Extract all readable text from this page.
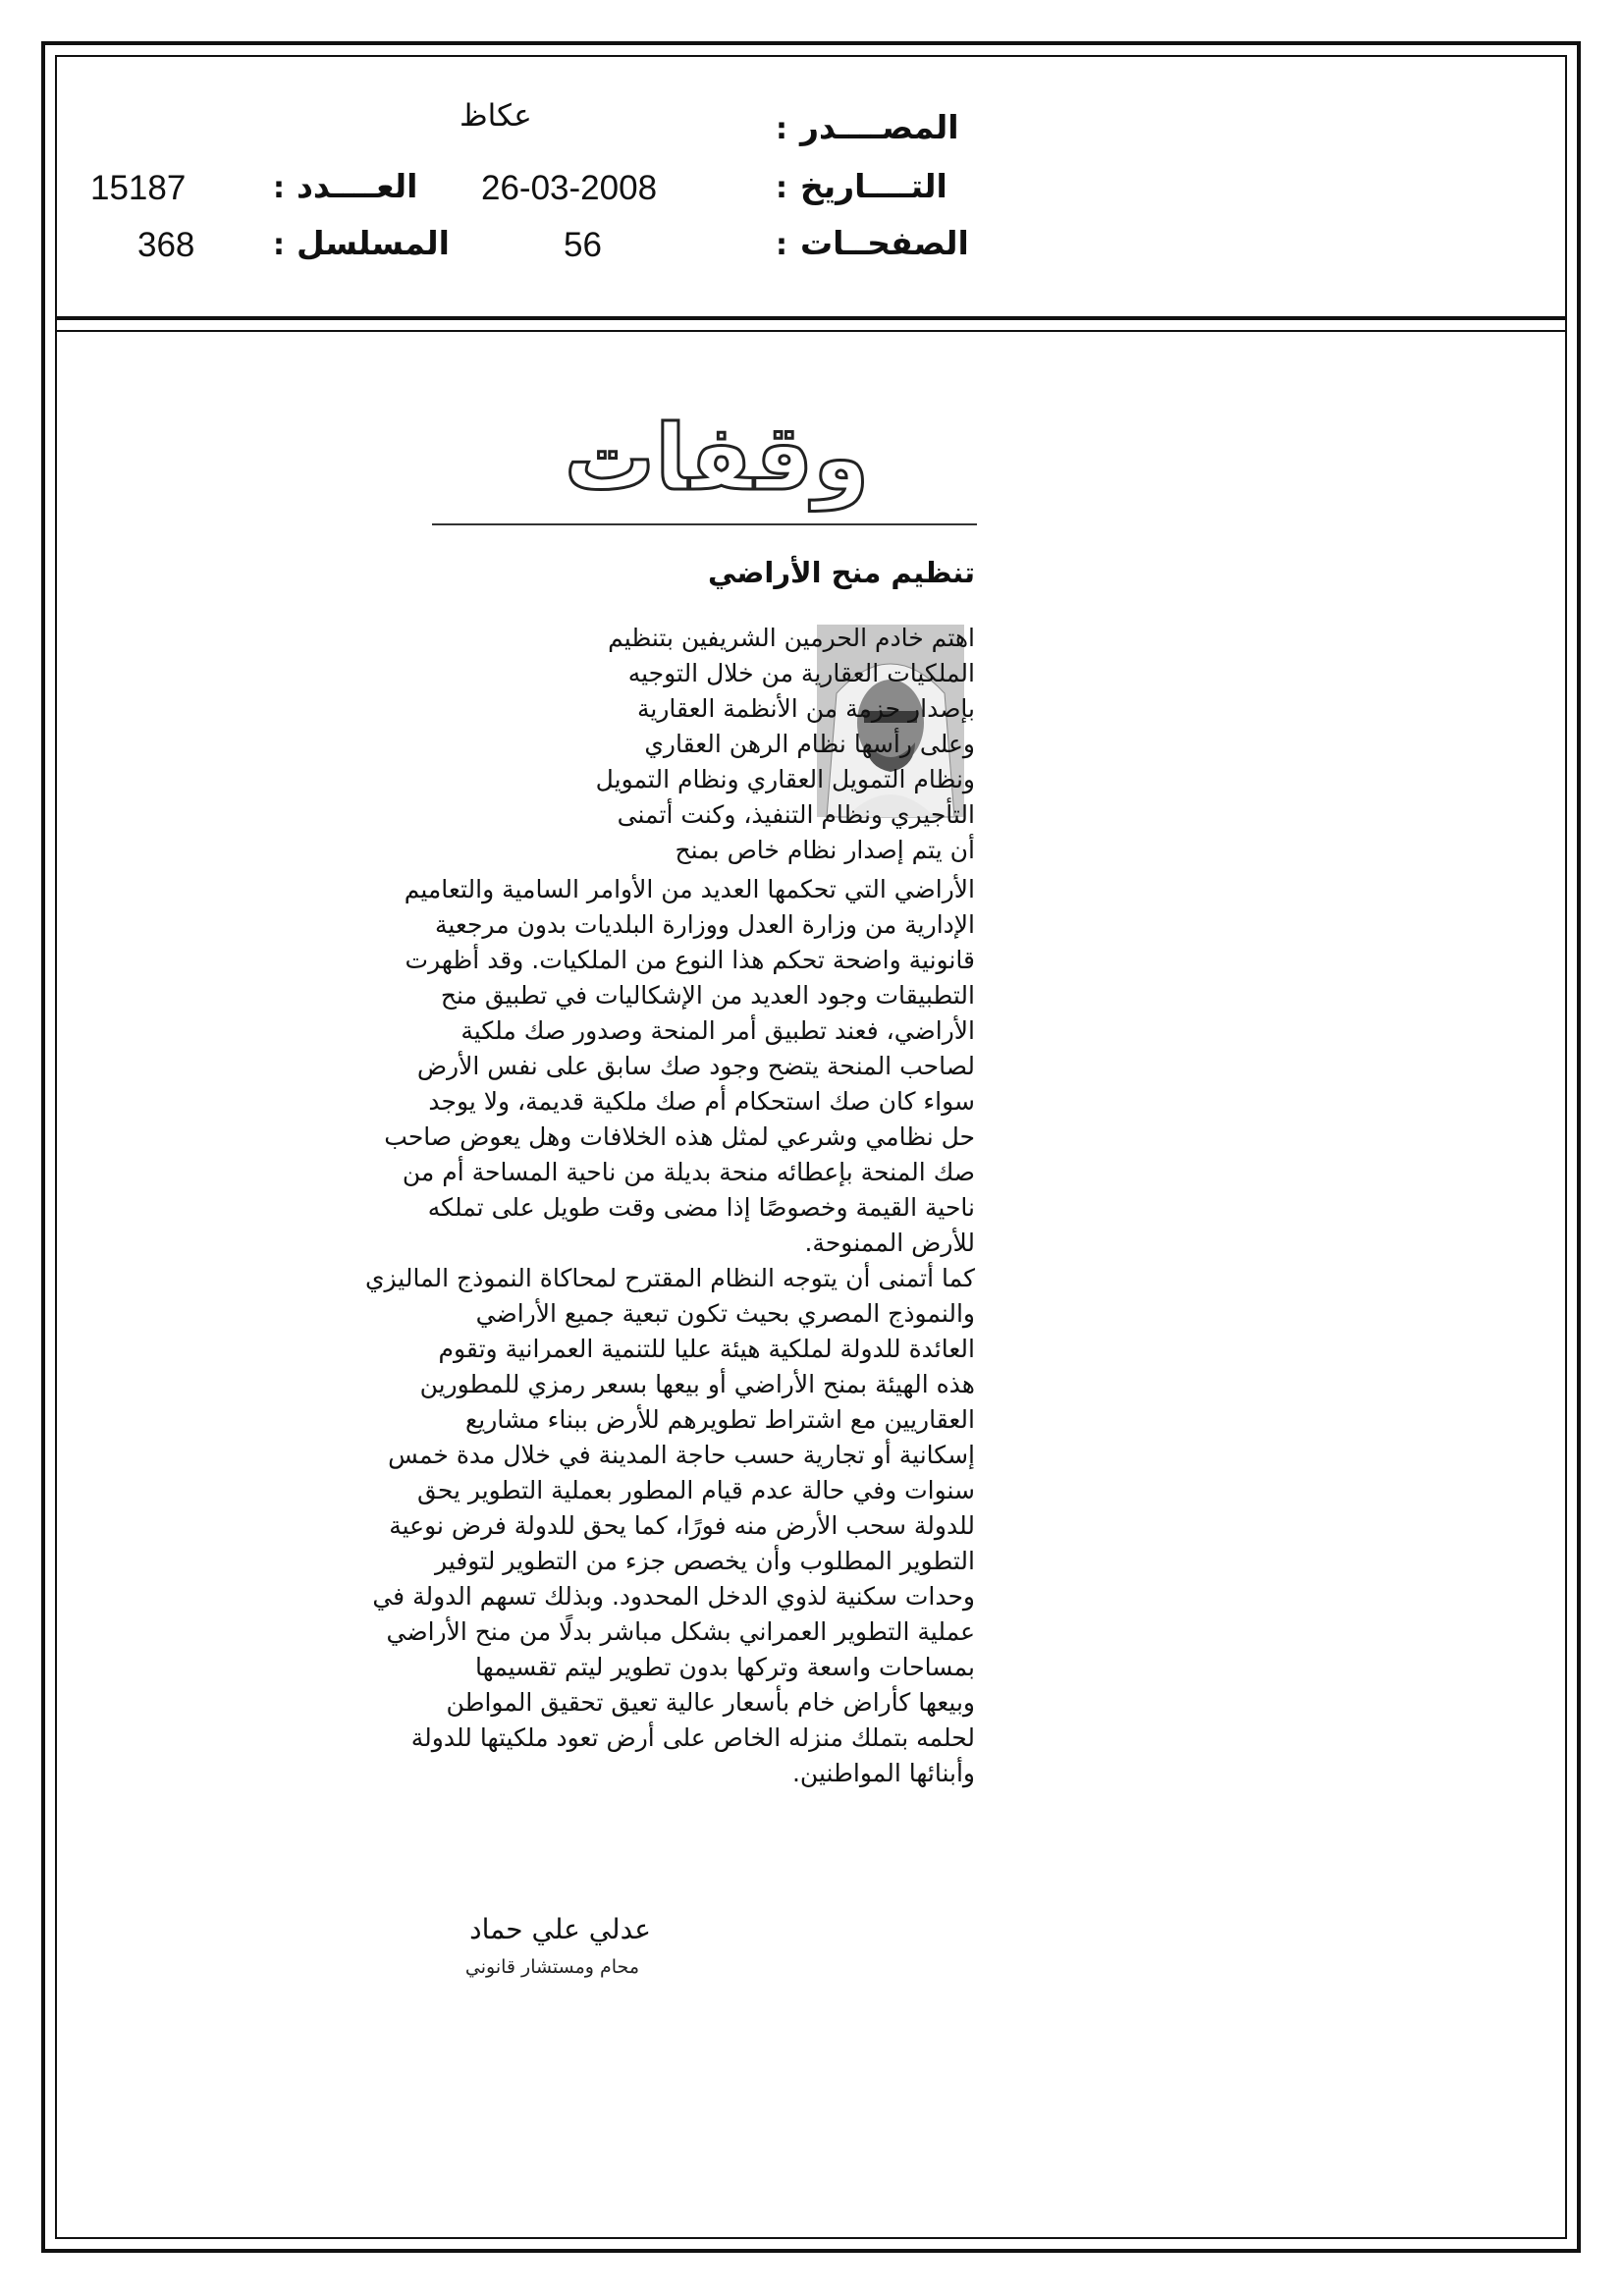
المصــــدر
:
عكاظ
التــــاريخ
:
26-03-2008
الصفحــات
:
56
العــــدد
:
15187
المسلسل
:
368
وقفات
تنظيم منح الأراضي
اهتم خادم الحرمين الشريفين بتنظيم
الملكيات العقارية من خلال التوجيه
بإصدار حزمة من الأنظمة العقارية
وعلى رأسها نظام الرهن العقاري
ونظام التمويل العقاري ونظام التمويل
التأجيري ونظام التنفيذ، وكنت أتمنى
أن يتم إصدار نظام خاص بمنح
الأراضي التي تحكمها العديد من الأوامر السامية والتعاميم
الإدارية من وزارة العدل ووزارة البلديات بدون مرجعية
قانونية واضحة تحكم هذا النوع من الملكيات. وقد أظهرت
التطبيقات وجود العديد من الإشكاليات في تطبيق منح
الأراضي، فعند تطبيق أمر المنحة وصدور صك ملكية
لصاحب المنحة يتضح وجود صك سابق على نفس الأرض
سواء كان صك استحكام أم صك ملكية قديمة، ولا يوجد
حل نظامي وشرعي لمثل هذه الخلافات وهل يعوض صاحب
صك المنحة بإعطائه منحة بديلة من ناحية المساحة أم من
ناحية القيمة وخصوصًا إذا مضى وقت طويل على تملكه
للأرض الممنوحة.
كما أتمنى أن يتوجه النظام المقترح لمحاكاة النموذج الماليزي
والنموذج المصري بحيث تكون تبعية جميع الأراضي
العائدة للدولة لملكية هيئة عليا للتنمية العمرانية وتقوم
هذه الهيئة بمنح الأراضي أو بيعها بسعر رمزي للمطورين
العقاريين مع اشتراط تطويرهم للأرض ببناء مشاريع
إسكانية أو تجارية حسب حاجة المدينة في خلال مدة خمس
سنوات وفي حالة عدم قيام المطور بعملية التطوير يحق
للدولة سحب الأرض منه فورًا، كما يحق للدولة فرض نوعية
التطوير المطلوب وأن يخصص جزء من التطوير لتوفير
وحدات سكنية لذوي الدخل المحدود. وبذلك تسهم الدولة في
عملية التطوير العمراني بشكل مباشر بدلًا من منح الأراضي
بمساحات واسعة وتركها بدون تطوير ليتم تقسيمها
وبيعها كأراض خام بأسعار عالية تعيق تحقيق المواطن
لحلمه بتملك منزله الخاص على أرض تعود ملكيتها للدولة
وأبنائها المواطنين.
عدلي علي حماد
محام ومستشار قانوني
